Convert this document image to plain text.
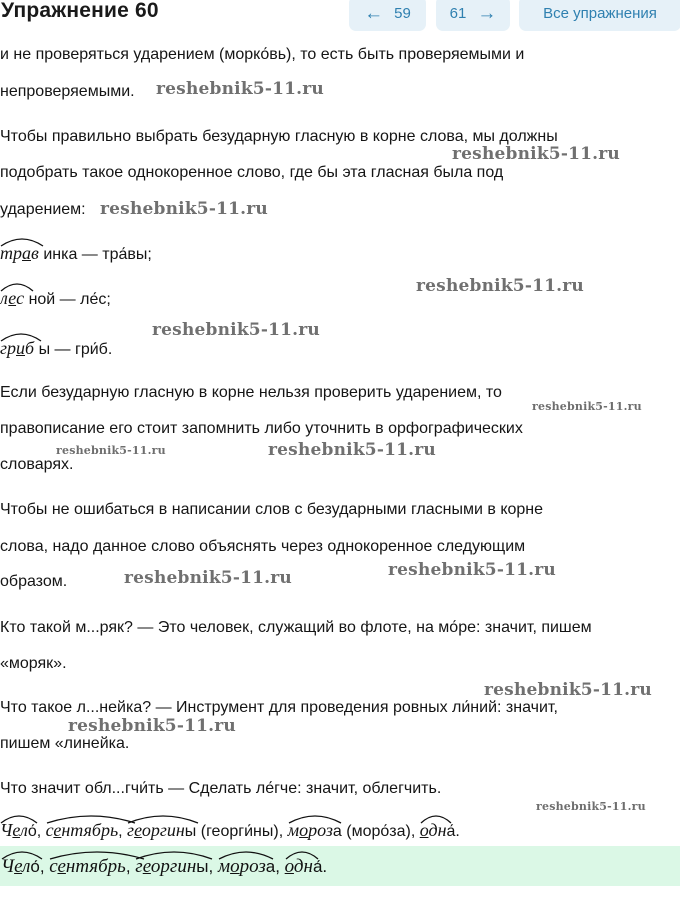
Упражнение 60	← 59	61 →	Все упражнения
и не проверяться ударением (морко́вь), то есть быть проверяемыми и
непроверяемыми.
Чтобы правильно выбрать безударную гласную в корне слова, мы должны
подобрать такое однокоренное слово, где бы эта гласная была под
ударением:
трав инка — тра́вы;
лес ной — ле́с;
гриб ы — гри́б.
Если безударную гласную в корне нельзя проверить ударением, то
правописание его стоит запомнить либо уточнить в орфографических
словарях.
Чтобы не ошибаться в написании слов с безударными гласными в корне
слова, надо данное слово объяснять через однокоренное следующим
образом.
Кто такой м...ряк? — Это человек, служащий во флоте, на мо́ре: значит, пишем
«моряк».
Что такое л...нейка? — Инструмент для проведения ровных ли́ний: значит,
пишем «линейка.
Что значит обл...гчи́ть — Сделать ле́гче: значит, облегчить.
Чело́, сентябрь, георгины (георги́ны), мороза (моро́за), одна́.
Чело́, сентябрь, георгины, мороза, одна́.
reshebnik5-11.ru
reshebnik5-11.ru
reshebnik5-11.ru
reshebnik5-11.ru
reshebnik5-11.ru
reshebnik5-11.ru
reshebnik5-11.ru	reshebnik5-11.ru
reshebnik5-11.ru	reshebnik5-11.ru
reshebnik5-11.ru
reshebnik5-11.ru
reshebnik5-11.ru
